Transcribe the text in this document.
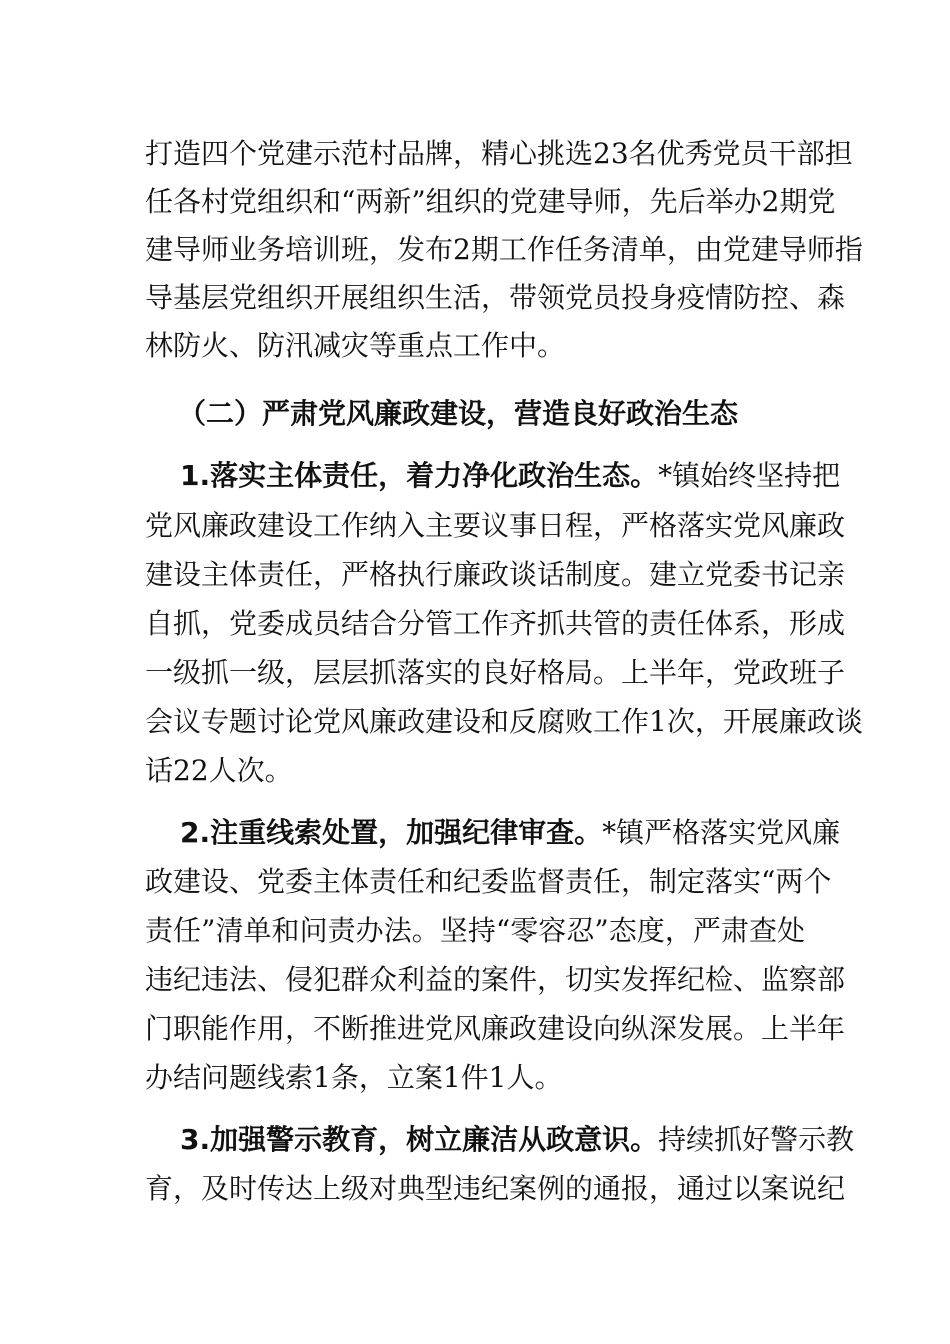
打造四个党建示范村品牌，精心挑选23名优秀党员干部担
任各村党组织和“两新”组织的党建导师，先后举办2期党
建导师业务培训班，发布2期工作任务清单，由党建导师指
导基层党组织开展组织生活，带领党员投身疫情防控、森
林防火、防汛减灾等重点工作中。
（二）严肃党风廉政建设，营造良好政治生态
1.落实主体责任，着力净化政治生态。*镇始终坚持把
党风廉政建设工作纳入主要议事日程，严格落实党风廉政
建设主体责任，严格执行廉政谈话制度。建立党委书记亲
自抓，党委成员结合分管工作齐抓共管的责任体系，形成
一级抓一级，层层抓落实的良好格局。上半年，党政班子
会议专题讨论党风廉政建设和反腐败工作1次，开展廉政谈
话22人次。
2.注重线索处置，加强纪律审查。*镇严格落实党风廉
政建设、党委主体责任和纪委监督责任，制定落实“两个
责任”清单和问责办法。坚持“零容忍”态度，严肃查处
违纪违法、侵犯群众利益的案件，切实发挥纪检、监察部
门职能作用，不断推进党风廉政建设向纵深发展。上半年
办结问题线索1条，立案1件1人。
3.加强警示教育，树立廉洁从政意识。持续抓好警示教
育，及时传达上级对典型违纪案例的通报，通过以案说纪
